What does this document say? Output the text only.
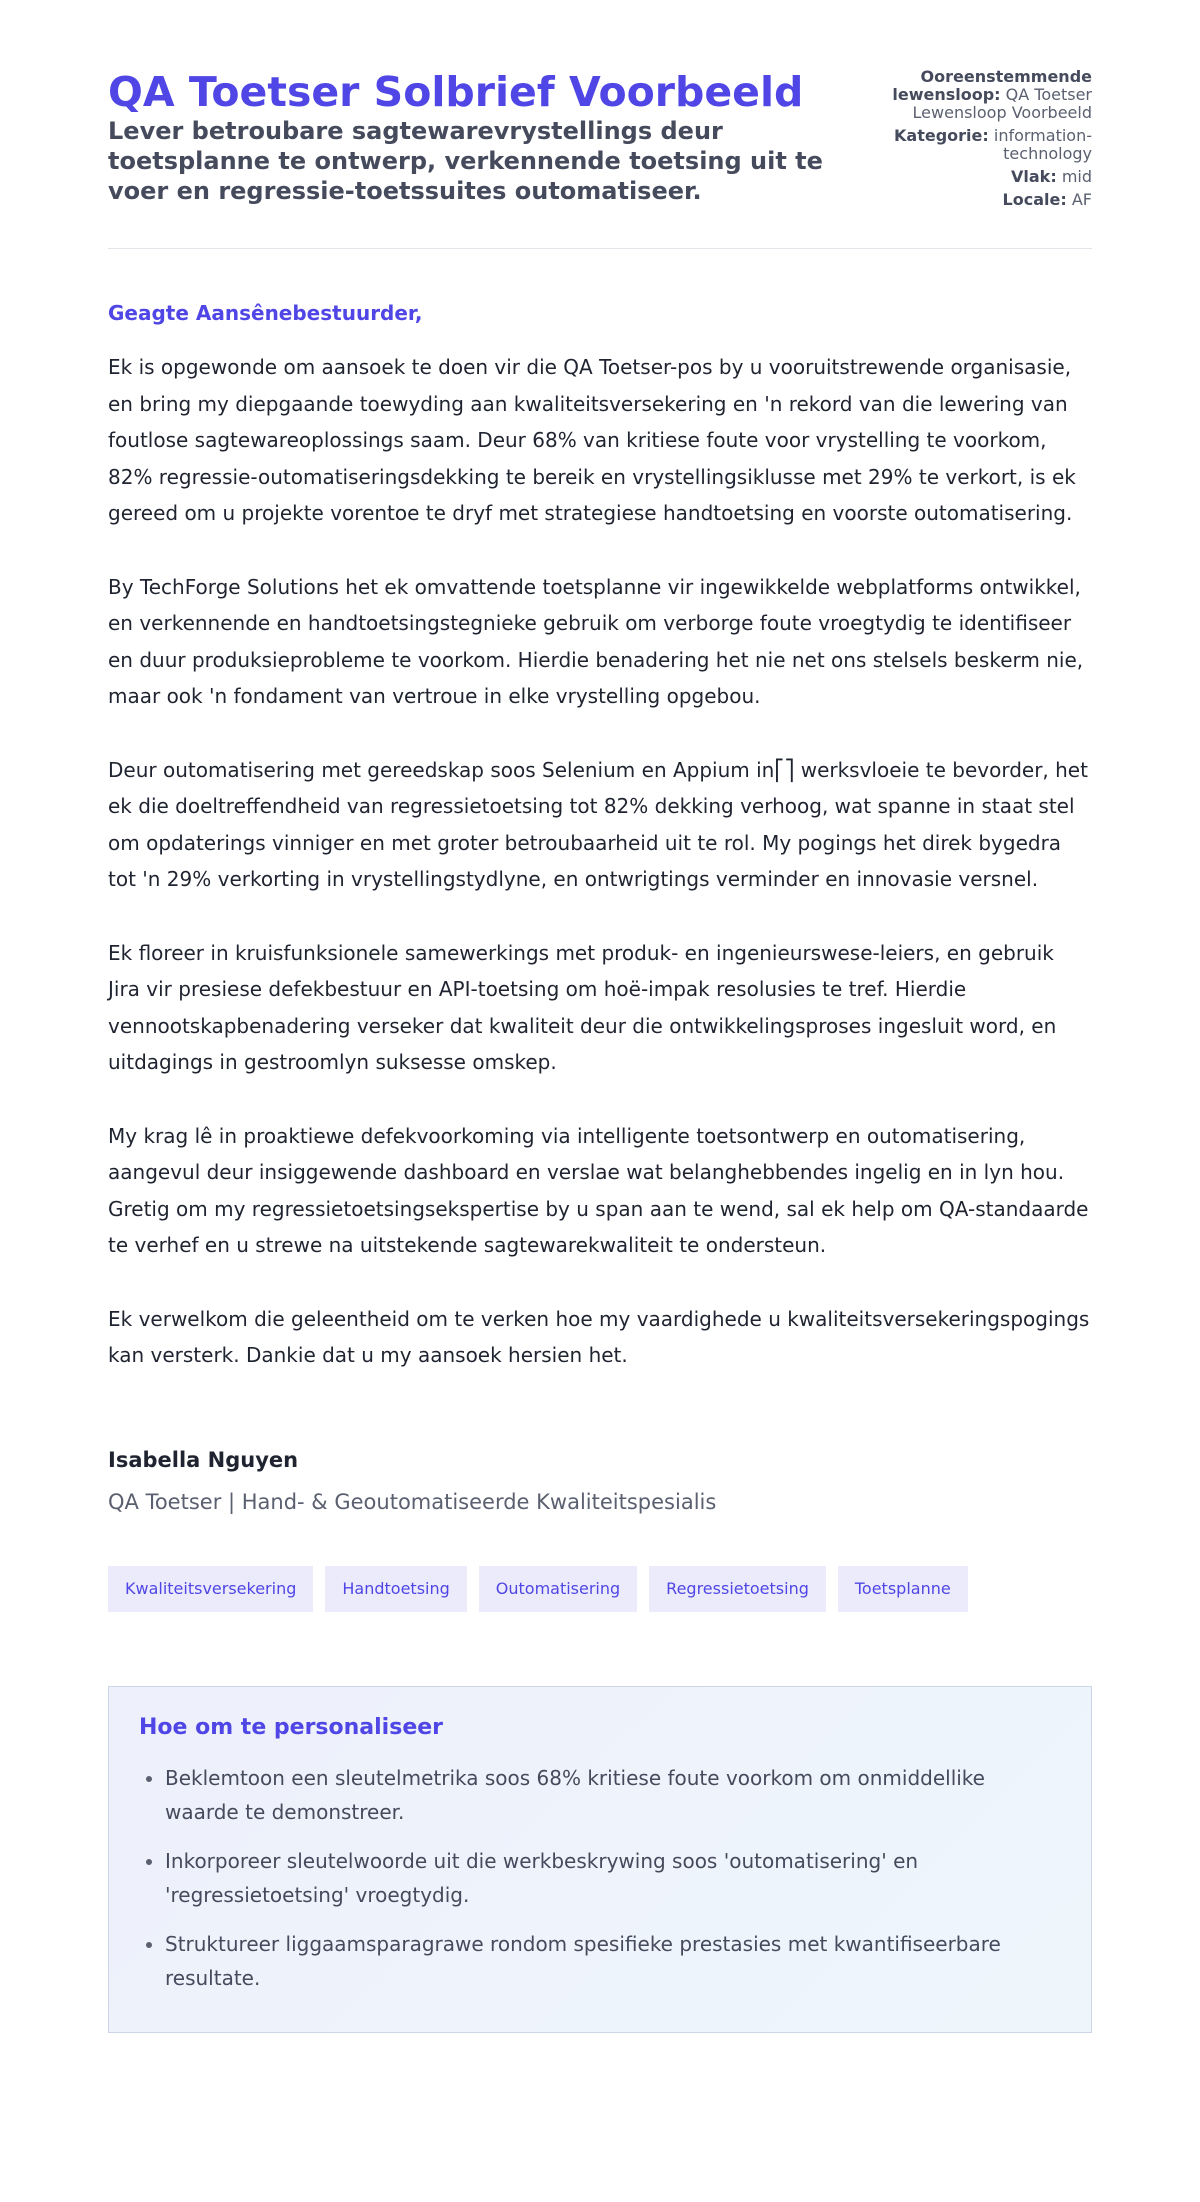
QA Toetser Solbrief Voorbeeld

Lever betroubare sagtewarevrystellings deur toetsplanne te ontwerp, verkennende toetsing uit te voer en regressie-toetssuites outomatiseer.

Ooreenstemmende lewensloop: QA Toetser Lewensloop Voorbeeld
Kategorie: information-technology
Vlak: mid
Locale: AF

Geagte Aansênebestuurder,

Ek is opgewonde om aansoek te doen vir die QA Toetser-pos by u vooruitstrewende organisasie, en bring my diepgaande toewyding aan kwaliteitsversekering en 'n rekord van die lewering van foutlose sagtewareoplossings saam. Deur 68% van kritiese foute voor vrystelling te voorkom, 82% regressie-outomatiseringsdekking te bereik en vrystellingsiklusse met 29% te verkort, is ek gereed om u projekte vorentoe te dryf met strategiese handtoetsing en voorste outomatisering.

By TechForge Solutions het ek omvattende toetsplanne vir ingewikkelde webplatforms ontwikkel, en verkennende en handtoetsingstegnieke gebruik om verborge foute vroegtydig te identifiseer en duur produksieprobleme te voorkom. Hierdie benadering het nie net ons stelsels beskerm nie, maar ook 'n fondament van vertroue in elke vrystelling opgebou.

Deur outomatisering met gereedskap soos Selenium en Appium in⎡⎤ werksvloeie te bevorder, het ek die doeltreffendheid van regressietoetsing tot 82% dekking verhoog, wat spanne in staat stel om opdaterings vinniger en met groter betroubaarheid uit te rol. My pogings het direk bygedra tot 'n 29% verkorting in vrystellingstydlyne, en ontwrigtings verminder en innovasie versnel.

Ek floreer in kruisfunksionele samewerkings met produk- en ingenieurswese-leiers, en gebruik Jira vir presiese defekbestuur en API-toetsing om hoë-impak resolusies te tref. Hierdie vennootskapbenadering verseker dat kwaliteit deur die ontwikkelingsproses ingesluit word, en uitdagings in gestroomlyn suksesse omskep.

My krag lê in proaktiewe defekvoorkoming via intelligente toetsontwerp en outomatisering, aangevul deur insiggewende dashboard en verslae wat belanghebbendes ingelig en in lyn hou. Gretig om my regressietoetsingsekspertise by u span aan te wend, sal ek help om QA-standaarde te verhef en u strewe na uitstekende sagtewarekwaliteit te ondersteun.

Ek verwelkom die geleentheid om te verken hoe my vaardighede u kwaliteitsversekeringspogings kan versterk. Dankie dat u my aansoek hersien het.

Isabella Nguyen

QA Toetser | Hand- & Geoutomatiseerde Kwaliteitspesialis

Kwaliteitsversekering	Handtoetsing	Outomatisering	Regressietoetsing	Toetsplanne
Hoe om te personaliseer
• Beklemtoon een sleutelmetrika soos 68% kritiese foute voorkom om onmiddellike waarde te demonstreer.
• Inkorporeer sleutelwoorde uit die werkbeskrywing soos 'outomatisering' en 'regressietoetsing' vroegtydig.
• Struktureer liggaamsparagrawe rondom spesifieke prestasies met kwantifiseerbare resultate.
